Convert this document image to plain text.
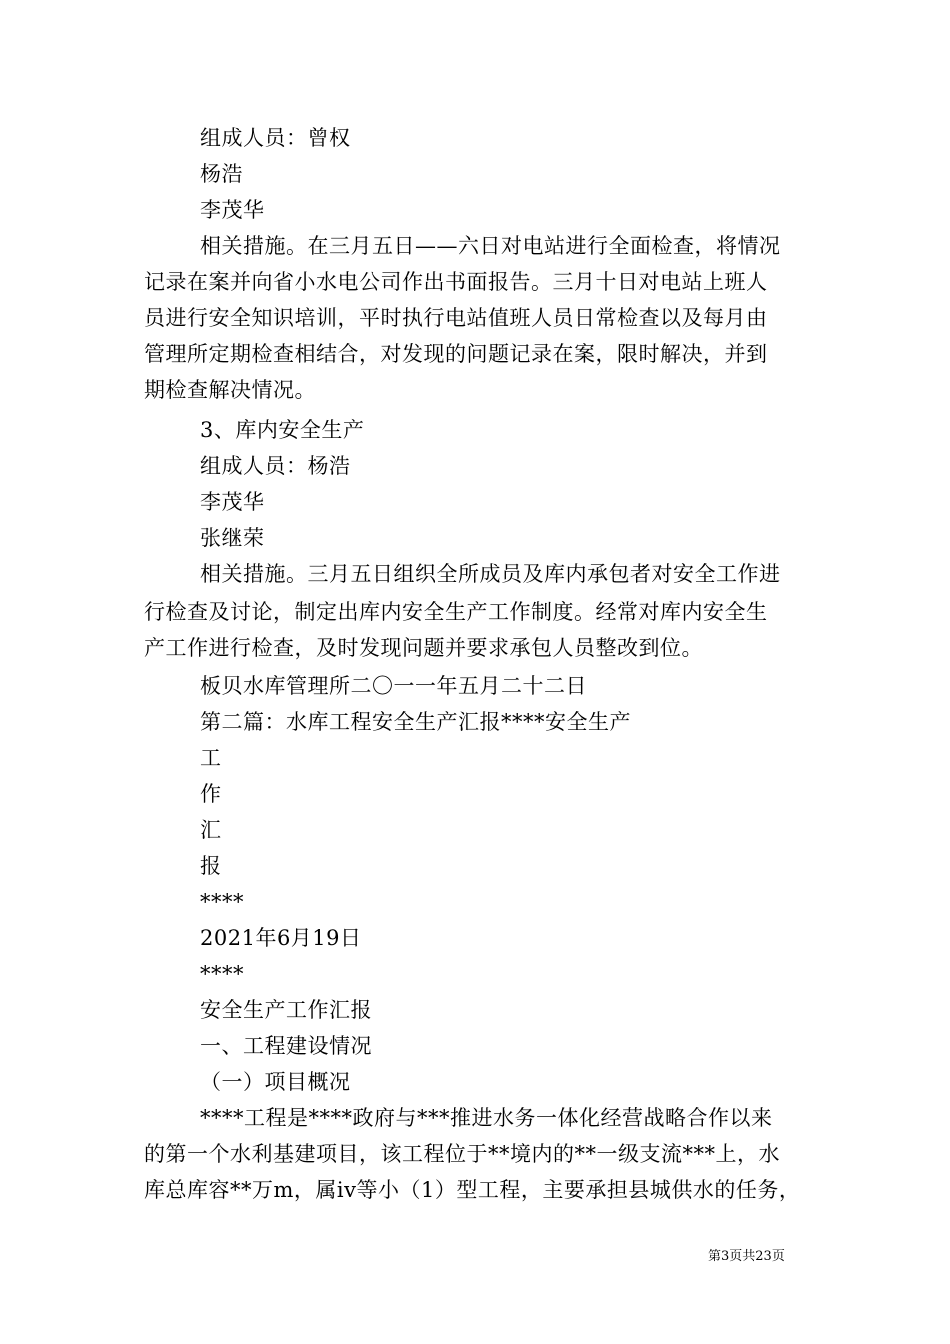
组成人员：曾权
杨浩
李茂华
相关措施。在三月五日——六日对电站进行全面检查，将情况
记录在案并向省小水电公司作出书面报告。三月十日对电站上班人
员进行安全知识培训，平时执行电站值班人员日常检查以及每月由
管理所定期检查相结合，对发现的问题记录在案，限时解决，并到
期检查解决情况。
3、库内安全生产
组成人员：杨浩
李茂华
张继荣
相关措施。三月五日组织全所成员及库内承包者对安全工作进
行检查及讨论，制定出库内安全生产工作制度。经常对库内安全生
产工作进行检查，及时发现问题并要求承包人员整改到位。
板贝水库管理所二〇一一年五月二十二日
第二篇：水库工程安全生产汇报****安全生产
工
作
汇
报
****
2021年6月19日
****
安全生产工作汇报
一、工程建设情况
（一）项目概况
****工程是****政府与***推进水务一体化经营战略合作以来
的第一个水利基建项目，该工程位于**境内的**一级支流***上，水
库总库容**万m，属iv等小（1）型工程，主要承担县城供水的任务，
第3页共23页
